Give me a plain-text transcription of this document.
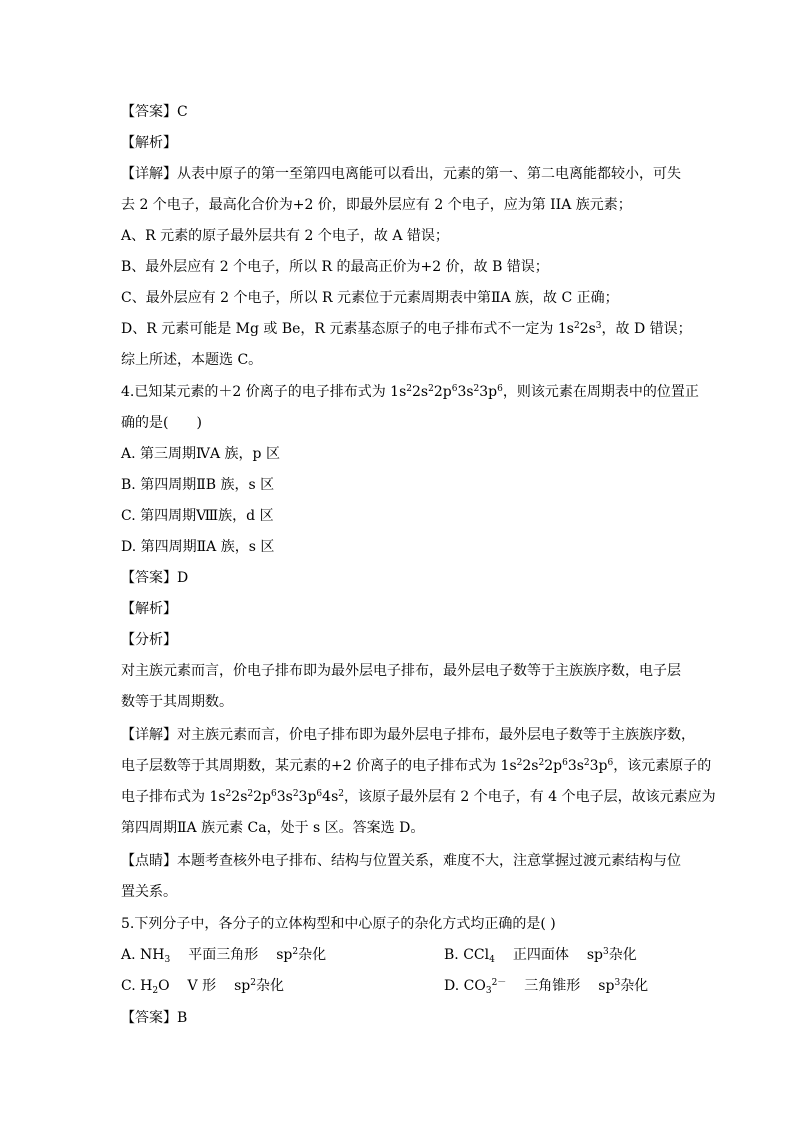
【答案】C
【解析】
【详解】从表中原子的第一至第四电离能可以看出，元素的第一、第二电离能都较小，可失
去 2 个电子，最高化合价为+2 价，即最外层应有 2 个电子，应为第 IIA 族元素；
A、R 元素的原子最外层共有 2 个电子，故 A 错误；
B、最外层应有 2 个电子，所以 R 的最高正价为+2 价，故 B 错误；
C、最外层应有 2 个电子，所以 R 元素位于元素周期表中第ⅡA 族，故 C 正确；
D、R 元素可能是 Mg 或 Be，R 元素基态原子的电子排布式不一定为 $1s^22s^3$，故 D 错误；
综上所述，本题选 C。
4.已知某元素的＋2 价离子的电子排布式为 $1s^22s^22p^63s^23p^6$，则该元素在周期表中的位置正
确的是(　　)
A. 第三周期ⅣA 族，p 区
B. 第四周期ⅡB 族，s 区
C. 第四周期Ⅷ族，d 区
D. 第四周期ⅡA 族，s 区
【答案】D
【解析】
【分析】
对主族元素而言，价电子排布即为最外层电子排布，最外层电子数等于主族族序数，电子层
数等于其周期数。
【详解】对主族元素而言，价电子排布即为最外层电子排布，最外层电子数等于主族族序数，
电子层数等于其周期数，某元素的+2 价离子的电子排布式为 $1s^22s^22p^63s^23p^6$，该元素原子的
电子排布式为 $1s^22s^22p^63s^23p^64s^2$，该原子最外层有 2 个电子，有 4 个电子层，故该元素应为
第四周期ⅡA 族元素 Ca，处于 s 区。答案选 D。
【点睛】本题考查核外电子排布、结构与位置关系，难度不大，注意掌握过渡元素结构与位
置关系。
5.下列分子中，各分子的立体构型和中心原子的杂化方式均正确的是( )
A. $NH_3$ 平面三角形 $sp^2$杂化	B. CCl$_4$ 正四面体 $sp^3$杂化
C. $H_2O$ V 形 $sp^2$杂化	D. $CO_3^{2-}$ 三角锥形 $sp^3$杂化
【答案】B
